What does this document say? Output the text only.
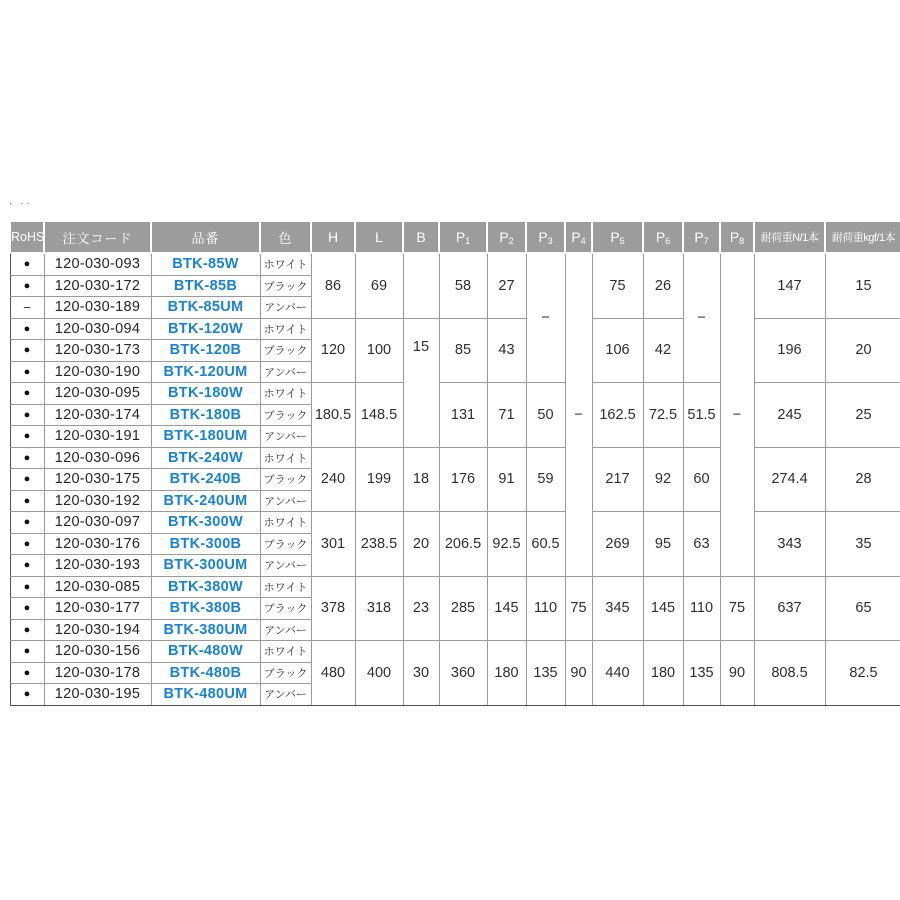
· ··
RoHS	注文コード	品番	色	H	L	B	$P_1$	$P_2$	$P_3$	$P_4$	$P_5$	$P_6$	$P_7$	$P_8$	耐荷重N/1本	耐荷重kgf/1本
●	120-030-093	BTK-85W	ホワイト	86	69		58	27	−	−	75	26	−	−	147	15
●	120-030-172	BTK-85B	ブラック													
−	120-030-189	BTK-85UM	アンバー													
●	120-030-094	BTK-120W	ホワイト	120	100	15	85	43			106	42			196	20
●	120-030-173	BTK-120B	ブラック													
●	120-030-190	BTK-120UM	アンバー													
●	120-030-095	BTK-180W	ホワイト	180.5	148.5		131	71	50		162.5	72.5	51.5		245	25
●	120-030-174	BTK-180B	ブラック													
●	120-030-191	BTK-180UM	アンバー													
●	120-030-096	BTK-240W	ホワイト	240	199	18	176	91	59		217	92	60		274.4	28
●	120-030-175	BTK-240B	ブラック													
●	120-030-192	BTK-240UM	アンバー													
●	120-030-097	BTK-300W	ホワイト	301	238.5	20	206.5	92.5	60.5		269	95	63		343	35
●	120-030-176	BTK-300B	ブラック													
●	120-030-193	BTK-300UM	アンバー													
●	120-030-085	BTK-380W	ホワイト	378	318	23	285	145	110	75	345	145	110	75	637	65
●	120-030-177	BTK-380B	ブラック													
●	120-030-194	BTK-380UM	アンバー													
●	120-030-156	BTK-480W	ホワイト	480	400	30	360	180	135	90	440	180	135	90	808.5	82.5
●	120-030-178	BTK-480B	ブラック													
●	120-030-195	BTK-480UM	アンバー													
